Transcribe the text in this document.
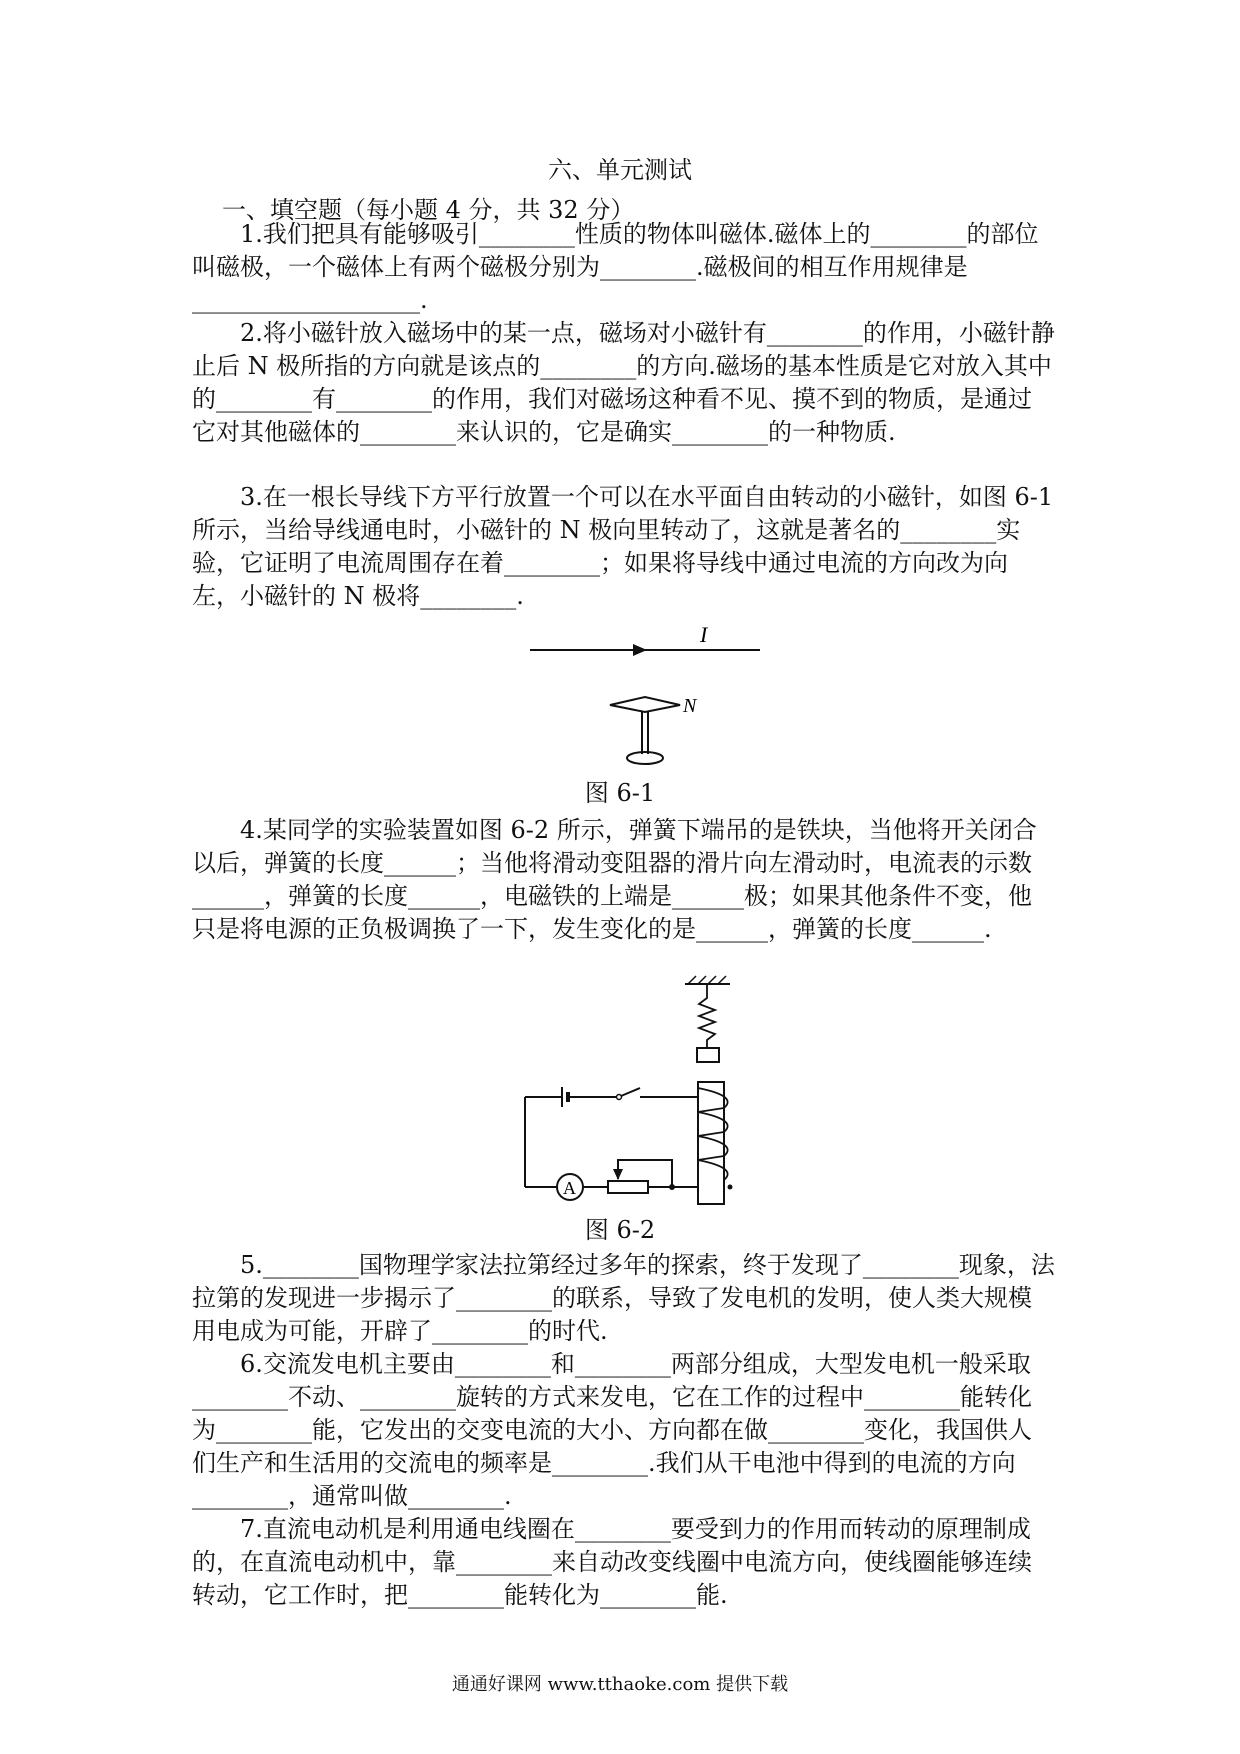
六、单元测试
一、填空题（每小题 4 分，共 32 分）
1.我们把具有能够吸引________性质的物体叫磁体.磁体上的________的部位叫磁极，一个磁体上有两个磁极分别为________.磁极间的相互作用规律是___________________.
2.将小磁针放入磁场中的某一点，磁场对小磁针有________的作用，小磁针静止后 N 极所指的方向就是该点的________的方向.磁场的基本性质是它对放入其中的________有________的作用，我们对磁场这种看不见、摸不到的物质，是通过它对其他磁体的________来认识的，它是确实________的一种物质.
3.在一根长导线下方平行放置一个可以在水平面自由转动的小磁针，如图 6-1 所示，当给导线通电时，小磁针的 N 极向里转动了，这就是著名的________实验，它证明了电流周围存在着________；如果将导线中通过电流的方向改为向左，小磁针的 N 极将________.
I
N
图 6-1
4.某同学的实验装置如图 6-2 所示，弹簧下端吊的是铁块，当他将开关闭合以后，弹簧的长度______；当他将滑动变阻器的滑片向左滑动时，电流表的示数______，弹簧的长度______，电磁铁的上端是______极；如果其他条件不变，他只是将电源的正负极调换了一下，发生变化的是______，弹簧的长度______.
A
图 6-2
5.________国物理学家法拉第经过多年的探索，终于发现了________现象，法拉第的发现进一步揭示了________的联系，导致了发电机的发明，使人类大规模用电成为可能，开辟了________的时代.
6.交流发电机主要由________和________两部分组成，大型发电机一般采取________不动、________旋转的方式来发电，它在工作的过程中________能转化为________能，它发出的交变电流的大小、方向都在做________变化，我国供人们生产和生活用的交流电的频率是________.我们从干电池中得到的电流的方向________，通常叫做________.
7.直流电动机是利用通电线圈在________要受到力的作用而转动的原理制成的，在直流电动机中，靠________来自动改变线圈中电流方向，使线圈能够连续转动，它工作时，把________能转化为________能.
通通好课网 www.tthaoke.com 提供下载
